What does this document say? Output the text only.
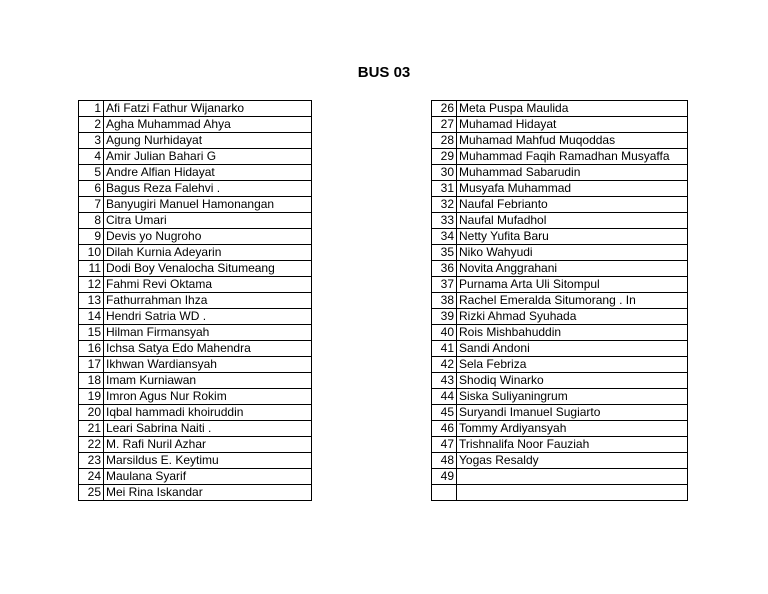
BUS 03
1	Afi Fatzi Fathur Wijanarko
2	Agha Muhammad Ahya
3	Agung Nurhidayat
4	Amir Julian Bahari G
5	Andre Alfian Hidayat
6	Bagus Reza Falehvi .
7	Banyugiri Manuel Hamonangan
8	Citra Umari
9	Devis yo Nugroho
10	Dilah Kurnia Adeyarin
11	Dodi Boy Venalocha Situmeang
12	Fahmi Revi Oktama
13	Fathurrahman Ihza
14	Hendri Satria WD .
15	Hilman Firmansyah
16	Ichsa Satya Edo Mahendra
17	Ikhwan Wardiansyah
18	Imam Kurniawan
19	Imron Agus Nur Rokim
20	Iqbal hammadi khoiruddin
21	Leari Sabrina Naiti .
22	M. Rafi Nuril Azhar
23	Marsildus E. Keytimu
24	Maulana Syarif
25	Mei Rina Iskandar
26	Meta Puspa Maulida
27	Muhamad Hidayat
28	Muhamad Mahfud Muqoddas
29	Muhammad Faqih Ramadhan Musyaffa
30	Muhammad Sabarudin
31	Musyafa Muhammad
32	Naufal Febrianto
33	Naufal Mufadhol
34	Netty Yufita Baru
35	Niko Wahyudi
36	Novita Anggrahani
37	Purnama Arta Uli Sitompul
38	Rachel Emeralda Situmorang . In
39	Rizki Ahmad Syuhada
40	Rois Mishbahuddin
41	Sandi Andoni
42	Sela Febriza
43	Shodiq Winarko
44	Siska Suliyaningrum
45	Suryandi Imanuel Sugiarto
46	Tommy Ardiyansyah
47	Trishnalifa Noor Fauziah
48	Yogas Resaldy
49	
